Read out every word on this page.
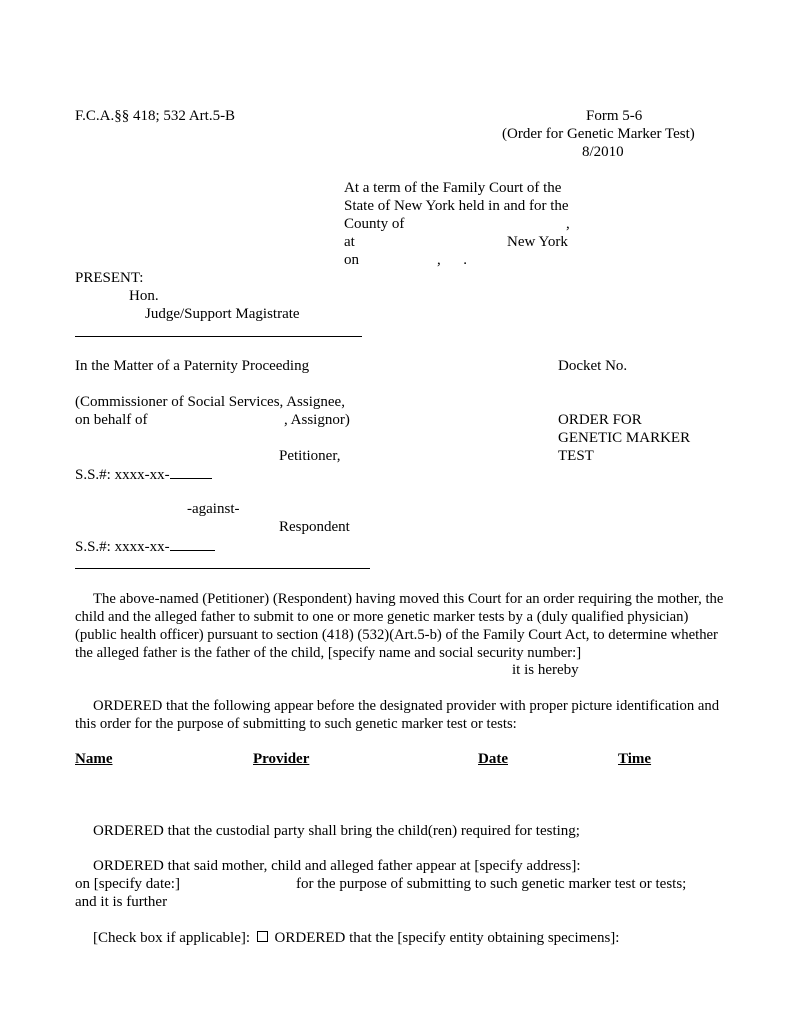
F.C.A.§§ 418; 532 Art.5-B	Form 5-6
(Order for Genetic Marker Test)
8/2010
At a term of the Family Court of the
State of New York held in and for the
County of	,
at	New York
on	,      .
PRESENT:
Hon.
Judge/Support Magistrate
In the Matter of a Paternity Proceeding	Docket No.
(Commissioner of Social Services, Assignee,
on behalf of	, Assignor)	ORDER FOR
GENETIC MARKER
TEST
Petitioner,
S.S.#: xxxx-xx-
-against-
Respondent
S.S.#: xxxx-xx-
The above-named (Petitioner) (Respondent) having moved this Court for an order requiring the mother, the child and the alleged father to submit to one or more genetic marker tests by a (duly qualified physician) (public health officer) pursuant to section (418) (532)(Art.5-b) of the Family Court Act, to determine whether the alleged father is the father of the child, [specify name and social security number:]
it is hereby
ORDERED that the following appear before the designated provider with proper picture identification and this order for the purpose of submitting to such genetic marker test or tests:
Name	Provider	Date	Time
ORDERED that the custodial party shall bring the child(ren) required for testing;
ORDERED that said mother, child and alleged father appear at [specify address]:
on [specify date:]	for the purpose of submitting to such genetic marker test or tests;
and it is further
[Check box if applicable]: ORDERED that the [specify entity obtaining specimens]:
